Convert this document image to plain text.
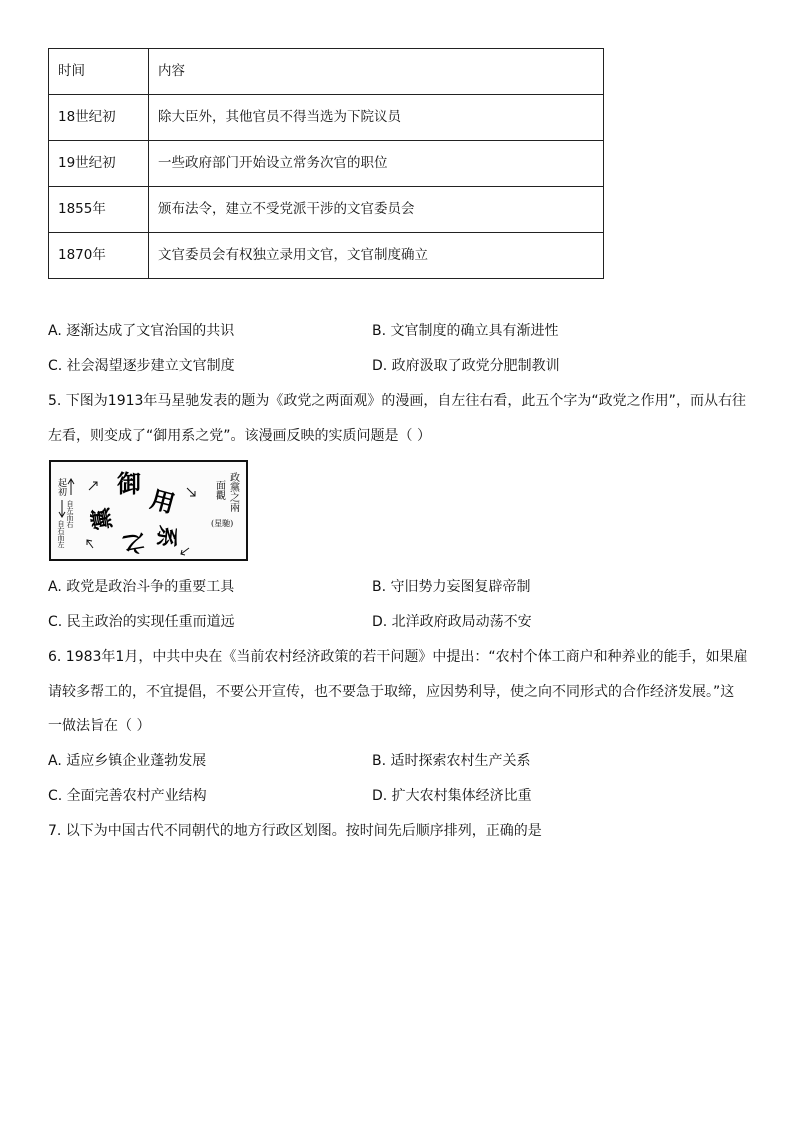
时间	内容
18世纪初	除大臣外，其他官员不得当选为下院议员
19世纪初	一些政府部门开始设立常务次官的职位
1855年	颁布法令，建立不受党派干涉的文官委员会
1870年	文官委员会有权独立录用文官，文官制度确立
A. 逐渐达成了文官治国的共识	B. 文官制度的确立具有渐进性
C. 社会渴望逐步建立文官制度	D. 政府汲取了政党分肥制教训
5. 下图为1913年马星驰发表的题为《政党之两面观》的漫画，自左往右看，此五个字为“政党之作用”，而从右往
左看，则变成了“御用系之党”。该漫画反映的实质问题是（ ）
起初
自左而右
自右而左
御
用
系
之
黨
政黨之兩
面觀
(星馳)
A. 政党是政治斗争的重要工具	B. 守旧势力妄图复辟帝制
C. 民主政治的实现任重而道远	D. 北洋政府政局动荡不安
6. 1983年1月，中共中央在《当前农村经济政策的若干问题》中提出：“农村个体工商户和种养业的能手，如果雇
请较多帮工的，不宜提倡，不要公开宣传，也不要急于取缔，应因势利导，使之向不同形式的合作经济发展。”这
一做法旨在（ ）
A. 适应乡镇企业蓬勃发展	B. 适时探索农村生产关系
C. 全面完善农村产业结构	D. 扩大农村集体经济比重
7. 以下为中国古代不同朝代的地方行政区划图。按时间先后顺序排列，正确的是
